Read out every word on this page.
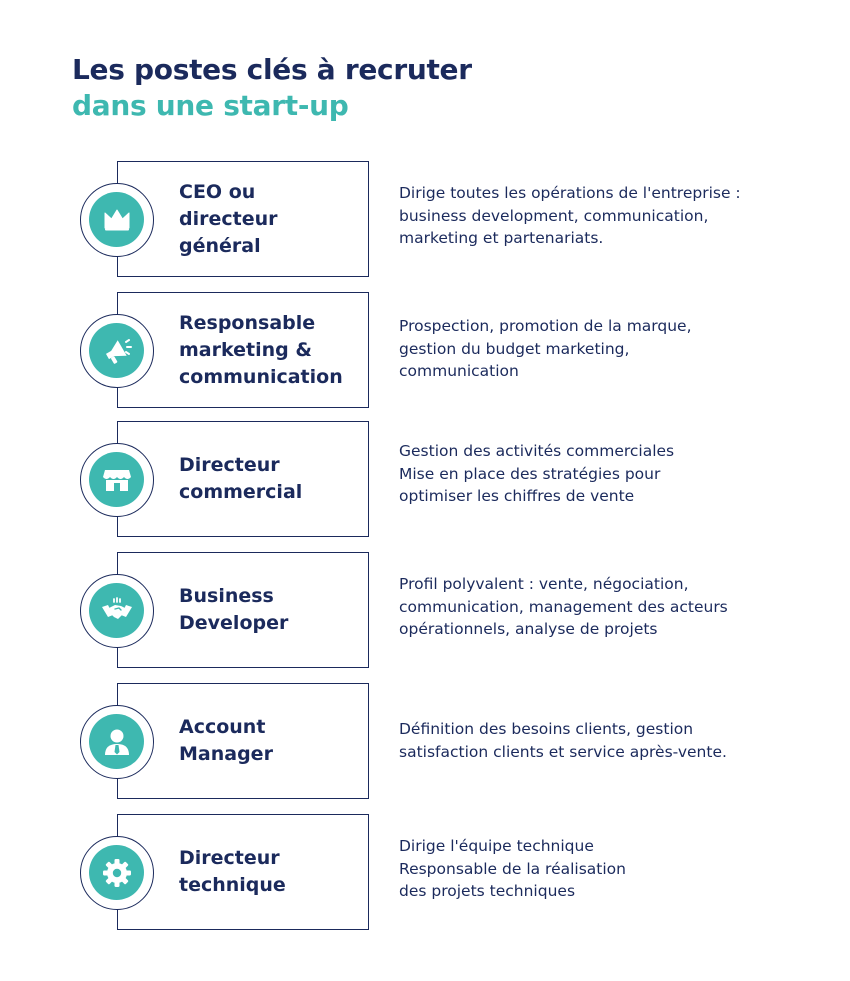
Les postes clés à recruter
dans une start-up
CEO ou
directeur
général
Dirige toutes les opérations de l'entreprise :
business development, communication,
marketing et partenariats.
Responsable
marketing &
communication
Prospection, promotion de la marque,
gestion du budget marketing,
communication
Directeur
commercial
Gestion des activités commerciales
Mise en place des stratégies pour
optimiser les chiffres de vente
Business
Developer
Profil polyvalent : vente, négociation,
communication, management des acteurs
opérationnels, analyse de projets
Account
Manager
Définition des besoins clients, gestion
satisfaction clients et service après-vente.
Directeur
technique
Dirige l'équipe technique
Responsable de la réalisation
des projets techniques
